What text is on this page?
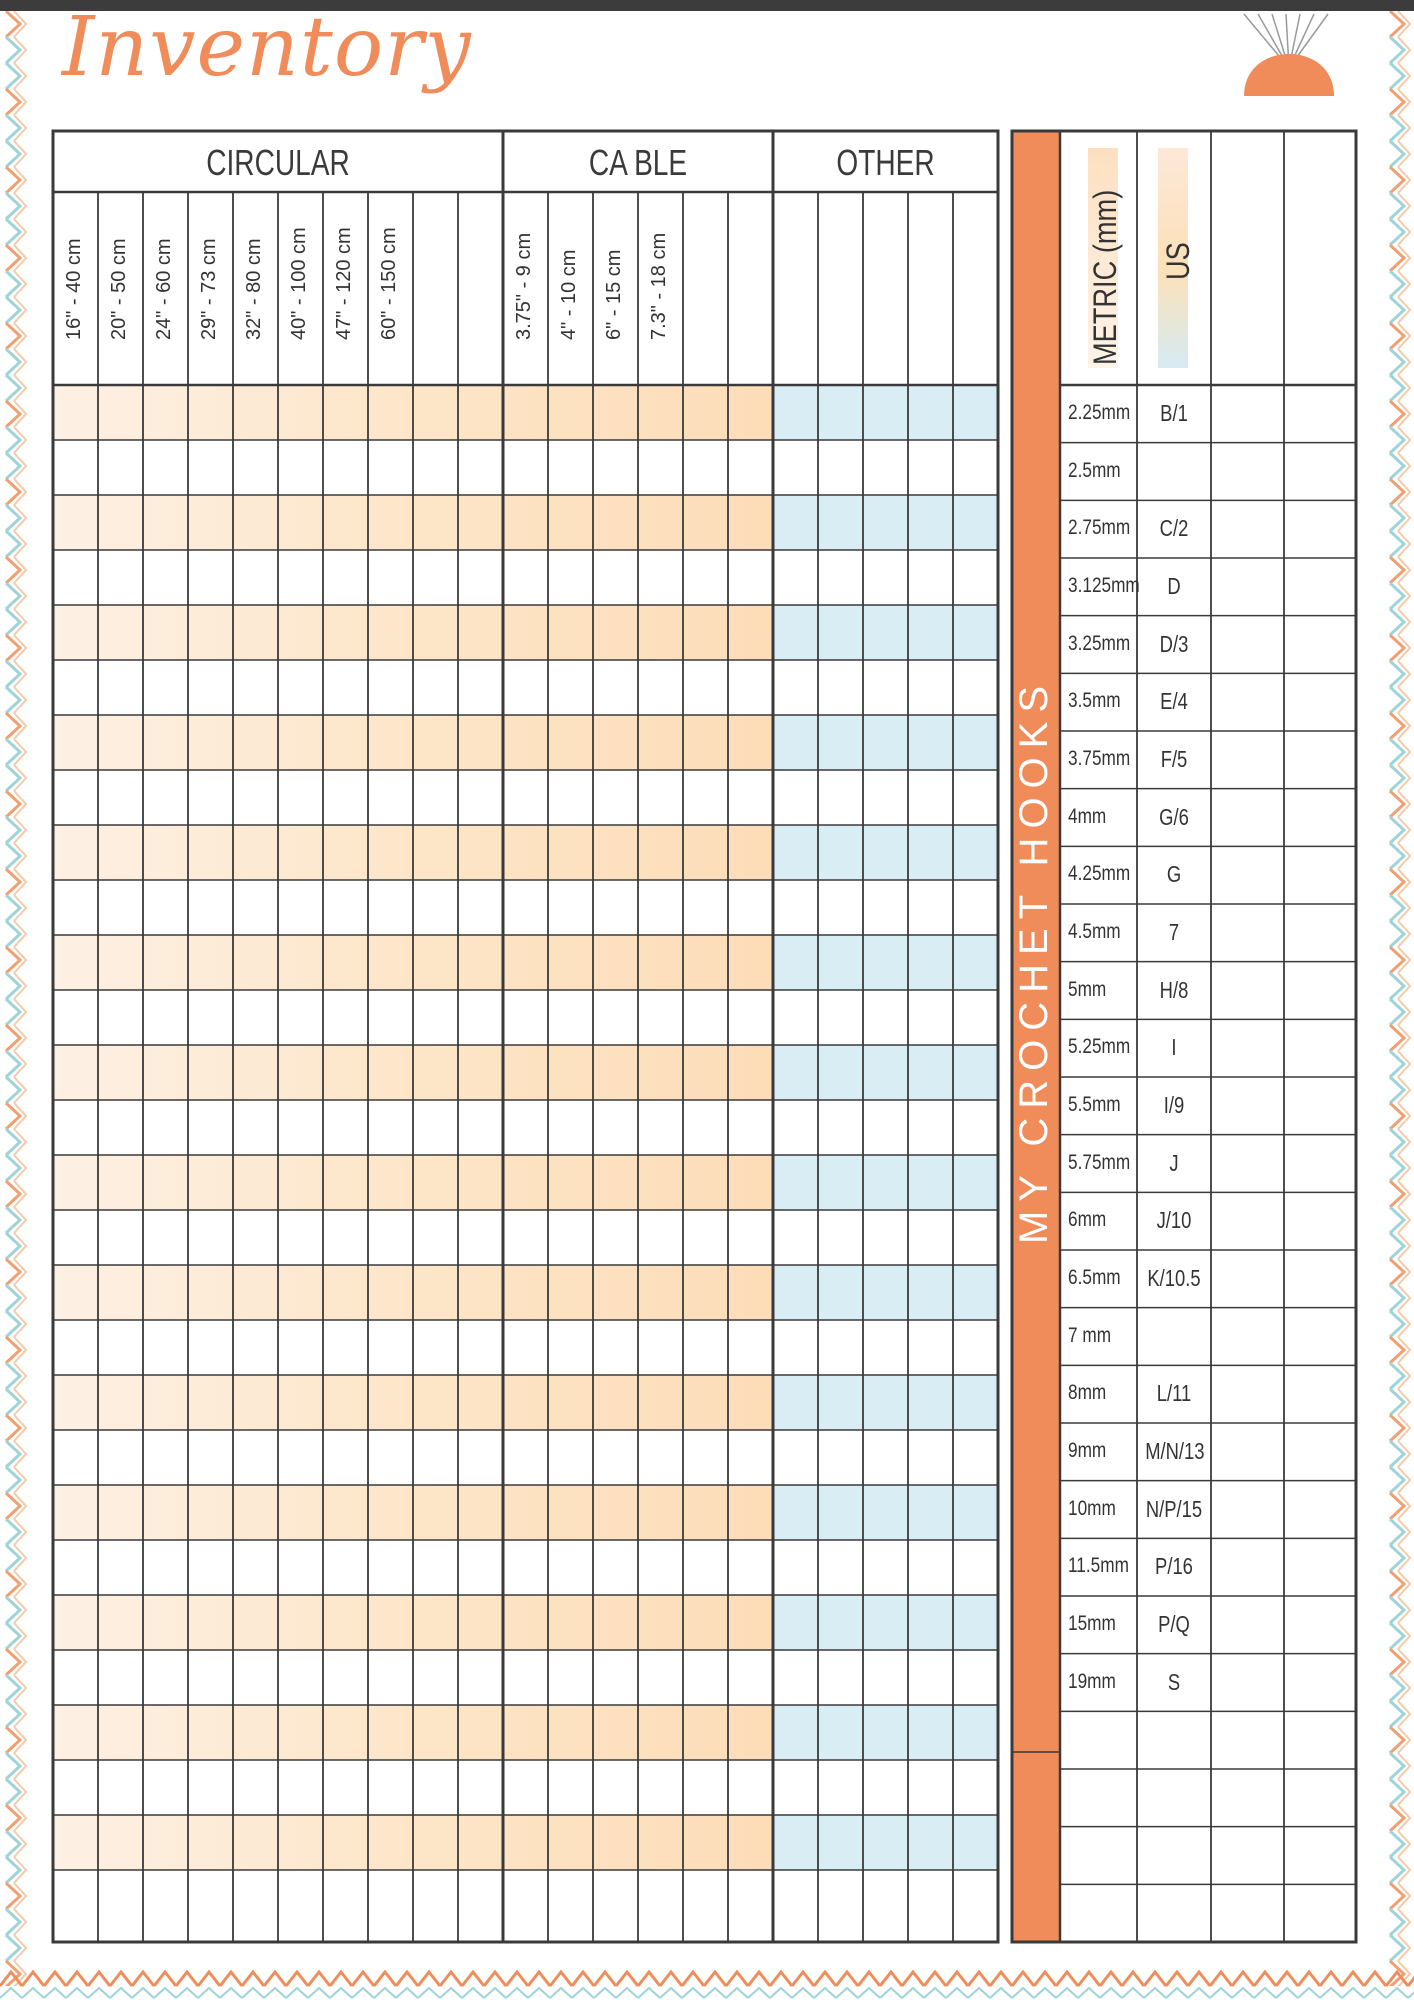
Inventory
CIRCULAR	CA BLE	OTHER
16" - 40 cm 20" - 50 cm 24" - 60 cm 29" - 73 cm 32" - 80 cm 40" - 100 cm 47" - 120 cm 60" - 150 cm	3.75" - 9 cm 4" - 10 cm 6" - 15 cm 7.3" - 18 cm	METRIC (mm) US
2.25mm	B/1
2.5mm
2.75mm	C/2
3.125mm	D
3.25mm	D/3
3.5mm	E/4
3.75mm	F/5
4mm	G/6
4.25mm	G
4.5mm	7
5mm	H/8
5.25mm	I
5.5mm	I/9
5.75mm	J
6mm	J/10
6.5mm K/10.5
7 mm
8mm	L/11
9mm M/N/13
10mm N/P/15
11.5mm	P/16
15mm	P/Q
19mm	S
